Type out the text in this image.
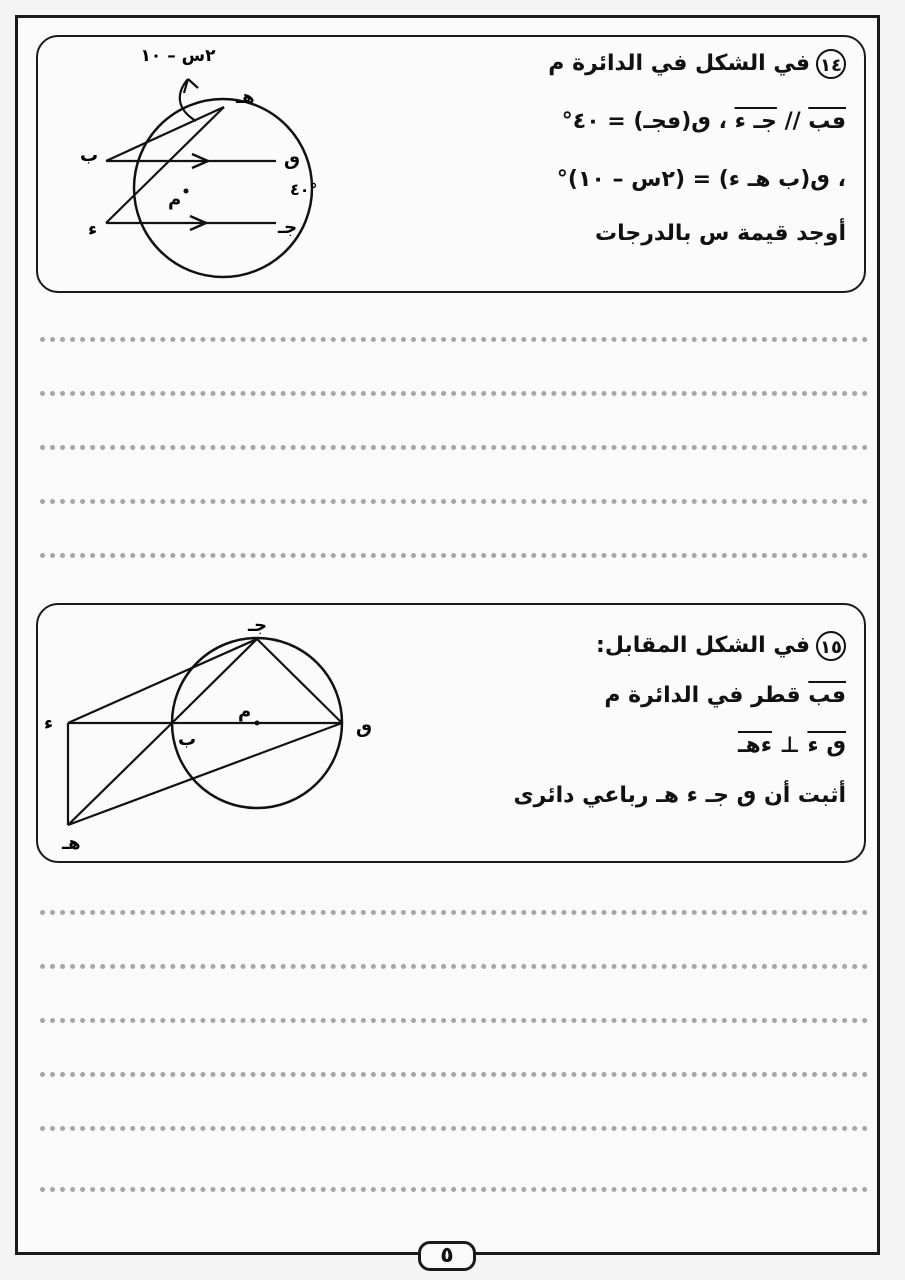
م
هـ
ب	ٯ
جـ
ء
٢س – ١٠
٤٠°
١٤في الشكل في الدائرة م
ٯب // جـ ء ، ٯ(ٯجـ) = ٤٠°
، ٯ(ب هـ ء) = (٢س – ١٠)°
أوجد قيمة س بالدرجات
جـ
ء
ب
م
ٯ
هـ
١٥في الشكل المقابل:
ٯب قطر في الدائرة م
ٯ ء ⊥ ءهـ
أثبت أن ٯ جـ ء هـ رباعي دائرى
٥
